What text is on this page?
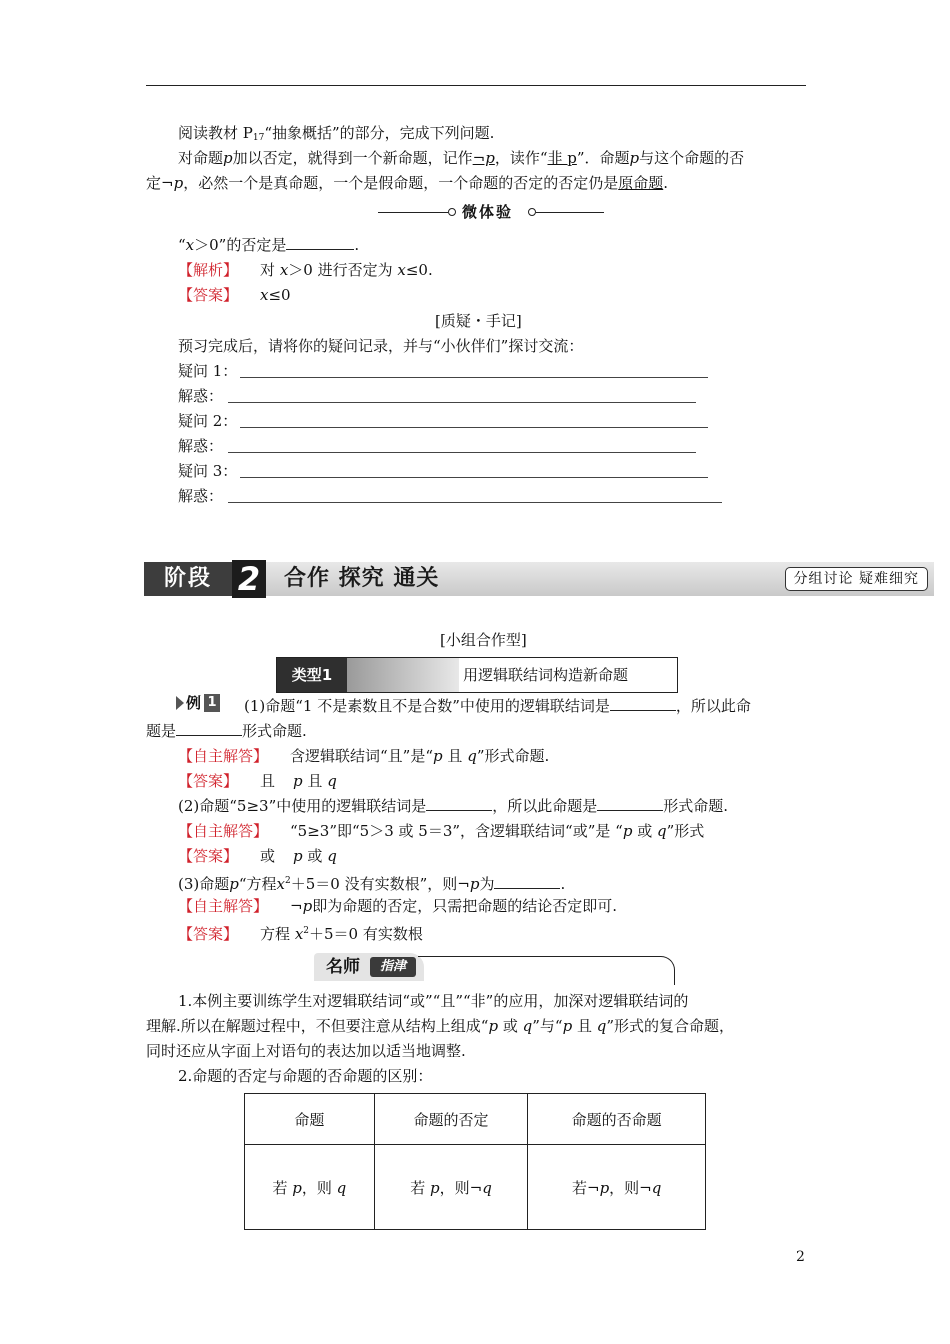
阅读教材 $P_{17}“$抽象概括”的部分，完成下列问题.
对命题p加以否定，就得到一个新命题，记作¬p，读作“非 p”．命题p与这个命题的否
定¬p，必然一个是真命题，一个是假命题，一个命题的否定的否定仍是原命题.
微体验
“x＞0”的否定是	.
【解析】 对 x＞0 进行否定为 x≤0.
【答案】 x≤0
[质疑・手记]
预习完成后，请将你的疑问记录，并与“小伙伴们”探讨交流：
疑问 1：
解惑：
疑问 2：
解惑：
疑问 3：
解惑：
阶段 2 合作 探究 通关	分组讨论 疑难细究
[小组合作型]
类型1	用逻辑联结词构造新命题
例 1 (1)命题“1 不是素数且不是合数”中使用的逻辑联结词是	，所以此命
题是	形式命题.
【自主解答】 含逻辑联结词“且”是“p 且 q”形式命题.
【答案】 且 p 且 q
(2)命题“5≥3”中使用的逻辑联结词是	，所以此命题是	形式命题.
【自主解答】 “5≥3”即“5＞3 或 5＝3”，含逻辑联结词“或”是 “p 或 q”形式
【答案】 或 p 或 q
(3)命题p“方程$x^2+5=0$ 没有实数根”，则¬p为	.
【自主解答】 ¬p即为命题的否定，只需把命题的结论否定即可.
【答案】 方程 $x^2+5=0$ 有实数根
名师	指津
1.本例主要训练学生对逻辑联结词“或”“且”“非”的应用，加深对逻辑联结词的
理解.所以在解题过程中，不但要注意从结构上组成“p 或 q”与“p 且 q”形式的复合命题，
同时还应从字面上对语句的表达加以适当地调整.
2.命题的否定与命题的否命题的区别：
命题	命题的否定	命题的否命题
若 p，则 q	若 p，则¬q	若¬p，则¬q
2
